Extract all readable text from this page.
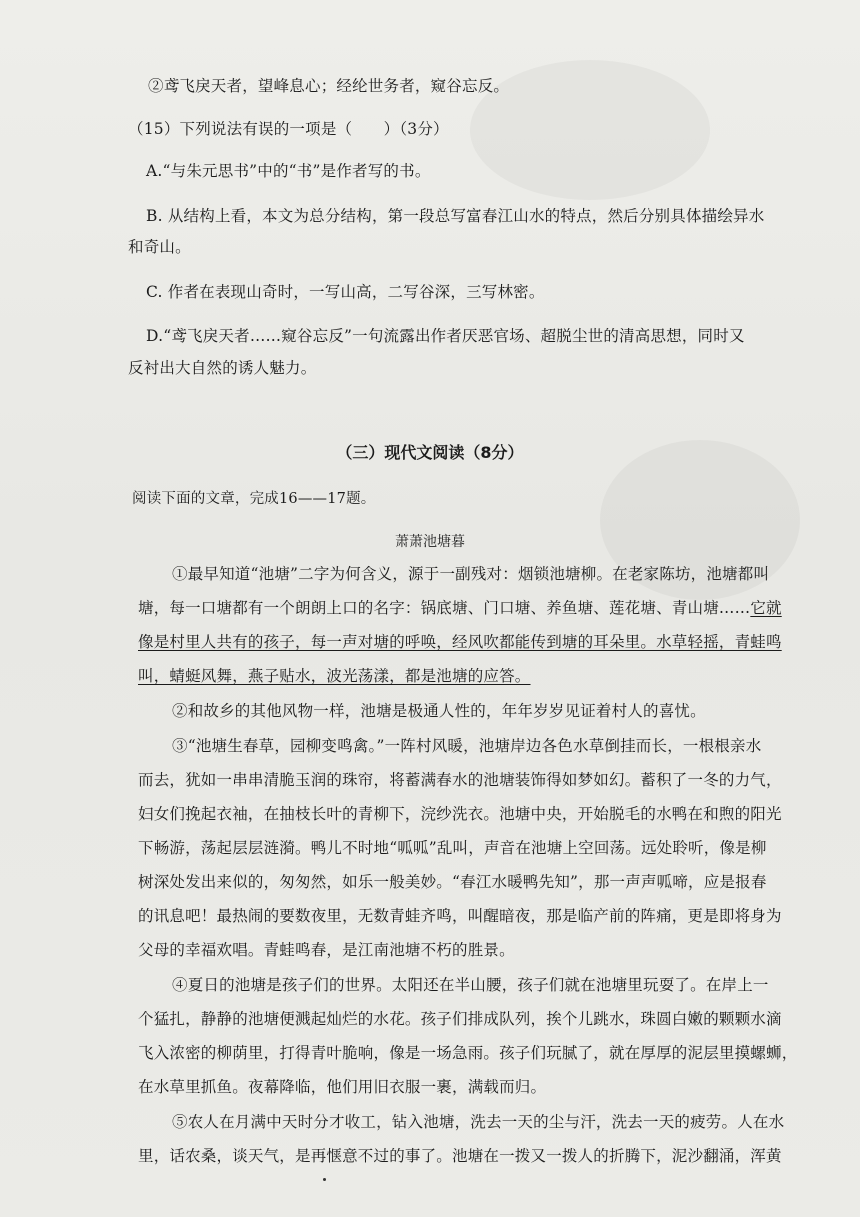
②鸢飞戾天者，望峰息心；经纶世务者，窥谷忘反。
（15）下列说法有误的一项是（　　）（3分）
A.“与朱元思书”中的“书”是作者写的书。
B. 从结构上看，本文为总分结构，第一段总写富春江山水的特点，然后分别具体描绘异水
和奇山。
C. 作者在表现山奇时，一写山高，二写谷深，三写林密。
D.“鸢飞戾天者……窥谷忘反”一句流露出作者厌恶官场、超脱尘世的清高思想，同时又
反衬出大自然的诱人魅力。
（三）现代文阅读（8分）
阅读下面的文章，完成16——17题。
萧萧池塘暮
①最早知道“池塘”二字为何含义，源于一副残对：烟锁池塘柳。在老家陈坊，池塘都叫
塘，每一口塘都有一个朗朗上口的名字：锅底塘、门口塘、养鱼塘、莲花塘、青山塘……它就
像是村里人共有的孩子，每一声对塘的呼唤，经风吹都能传到塘的耳朵里。水草轻摇，青蛙鸣
叫，蜻蜓风舞，燕子贴水，波光荡漾，都是池塘的应答。
②和故乡的其他风物一样，池塘是极通人性的，年年岁岁见证着村人的喜忧。
③“池塘生春草，园柳变鸣禽。”一阵村风暖，池塘岸边各色水草倒挂而长，一根根亲水
而去，犹如一串串清脆玉润的珠帘，将蓄满春水的池塘装饰得如梦如幻。蓄积了一冬的力气，
妇女们挽起衣袖，在抽枝长叶的青柳下，浣纱洗衣。池塘中央，开始脱毛的水鸭在和煦的阳光
下畅游，荡起层层涟漪。鸭儿不时地“呱呱”乱叫，声音在池塘上空回荡。远处聆听，像是柳
树深处发出来似的，匆匆然，如乐一般美妙。“春江水暖鸭先知”，那一声声呱啼，应是报春
的讯息吧！最热闹的要数夜里，无数青蛙齐鸣，叫醒暗夜，那是临产前的阵痛，更是即将身为
父母的幸福欢唱。青蛙鸣春，是江南池塘不朽的胜景。
④夏日的池塘是孩子们的世界。太阳还在半山腰，孩子们就在池塘里玩耍了。在岸上一
个猛扎，静静的池塘便溅起灿烂的水花。孩子们排成队列，挨个儿跳水，珠圆白嫩的颗颗水滴
飞入浓密的柳荫里，打得青叶脆响，像是一场急雨。孩子们玩腻了，就在厚厚的泥层里摸螺蛳，
在水草里抓鱼。夜幕降临，他们用旧衣服一裹，满载而归。
⑤农人在月满中天时分才收工，钻入池塘，洗去一天的尘与汗，洗去一天的疲劳。人在水
里，话农桑，谈天气，是再惬意不过的事了。池塘在一拨又一拨人的折腾下，泥沙翻涌，浑黄
